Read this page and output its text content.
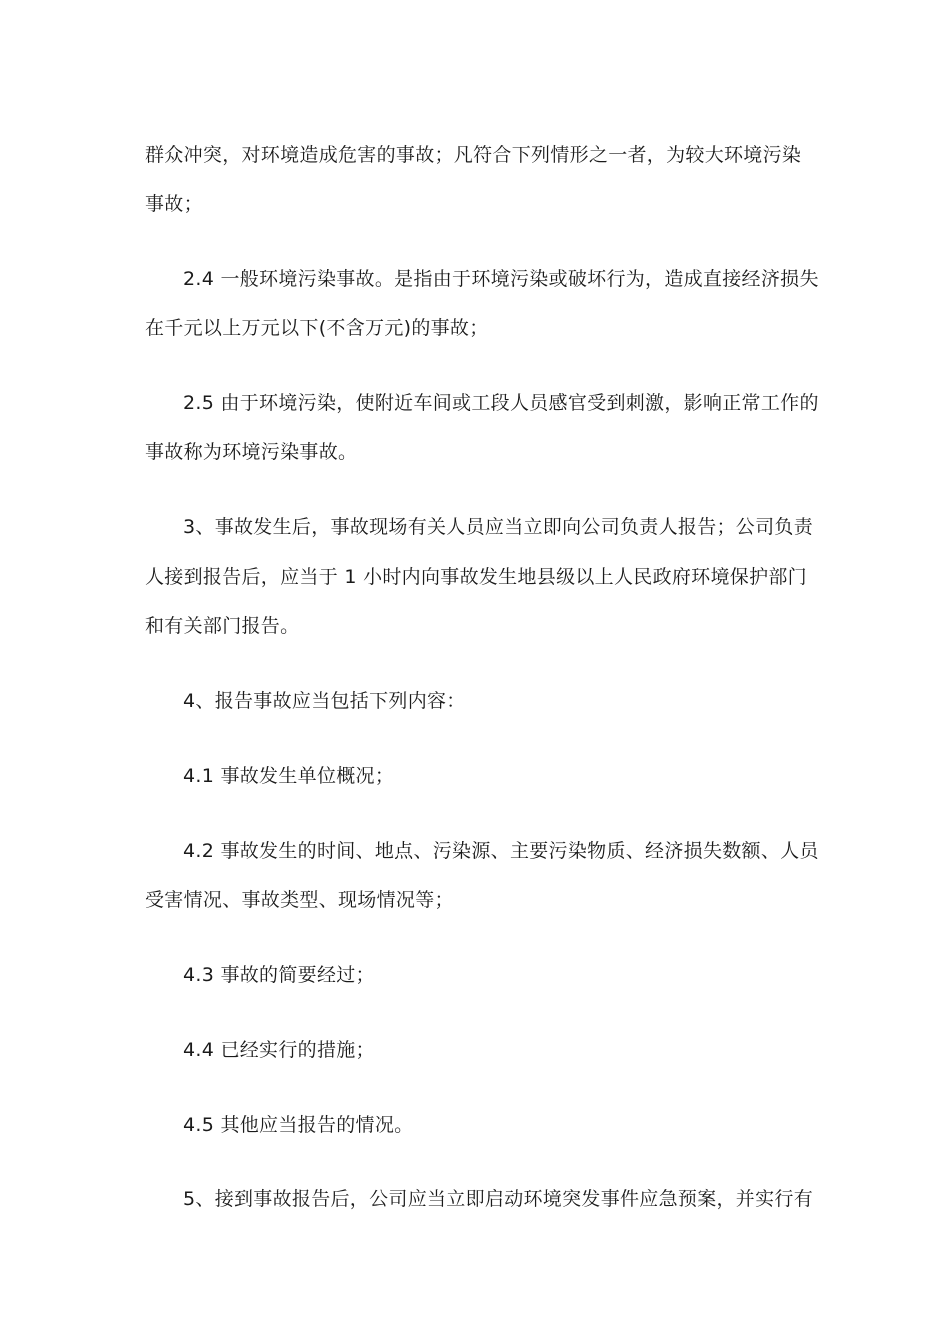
群众冲突，对环境造成危害的事故；凡符合下列情形之一者，为较大环境污染
事故；
2.4 一般环境污染事故。是指由于环境污染或破坏行为，造成直接经济损失
在千元以上万元以下(不含万元)的事故；
2.5 由于环境污染，使附近车间或工段人员感官受到刺激，影响正常工作的
事故称为环境污染事故。
3、事故发生后，事故现场有关人员应当立即向公司负责人报告；公司负责
人接到报告后，应当于 1 小时内向事故发生地县级以上人民政府环境保护部门
和有关部门报告。
4、报告事故应当包括下列内容：
4.1 事故发生单位概况；
4.2 事故发生的时间、地点、污染源、主要污染物质、经济损失数额、人员
受害情况、事故类型、现场情况等；
4.3 事故的简要经过；
4.4 已经实行的措施；
4.5 其他应当报告的情况。
5、接到事故报告后，公司应当立即启动环境突发事件应急预案，并实行有
